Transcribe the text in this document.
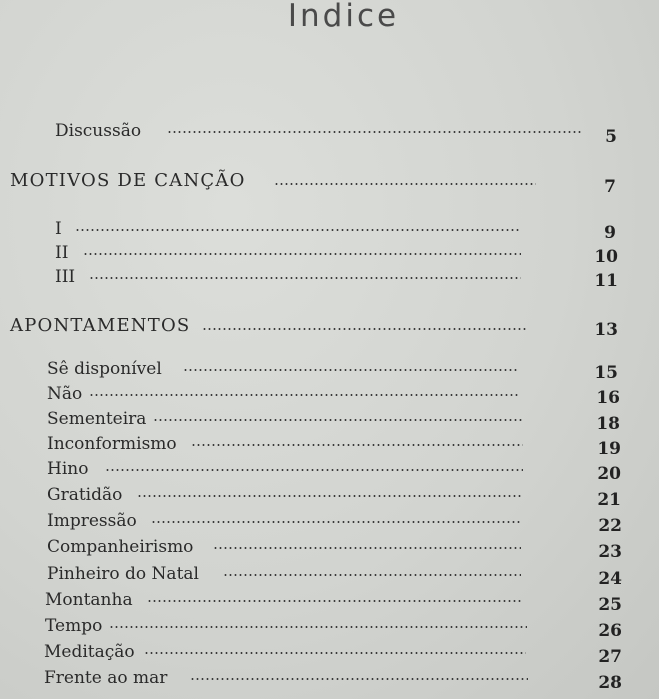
Indice
Discussão	5
MOTIVOS DE CANÇÃO	7
I	9
II	10
III	11
APONTAMENTOS	13
Sê disponível	15
Não	16
Sementeira	18
Inconformismo	19
Hino	20
Gratidão	21
Impressão	22
Companheirismo	23
Pinheiro do Natal	24
Montanha	25
Tempo	26
Meditação	27
Frente ao mar	28
